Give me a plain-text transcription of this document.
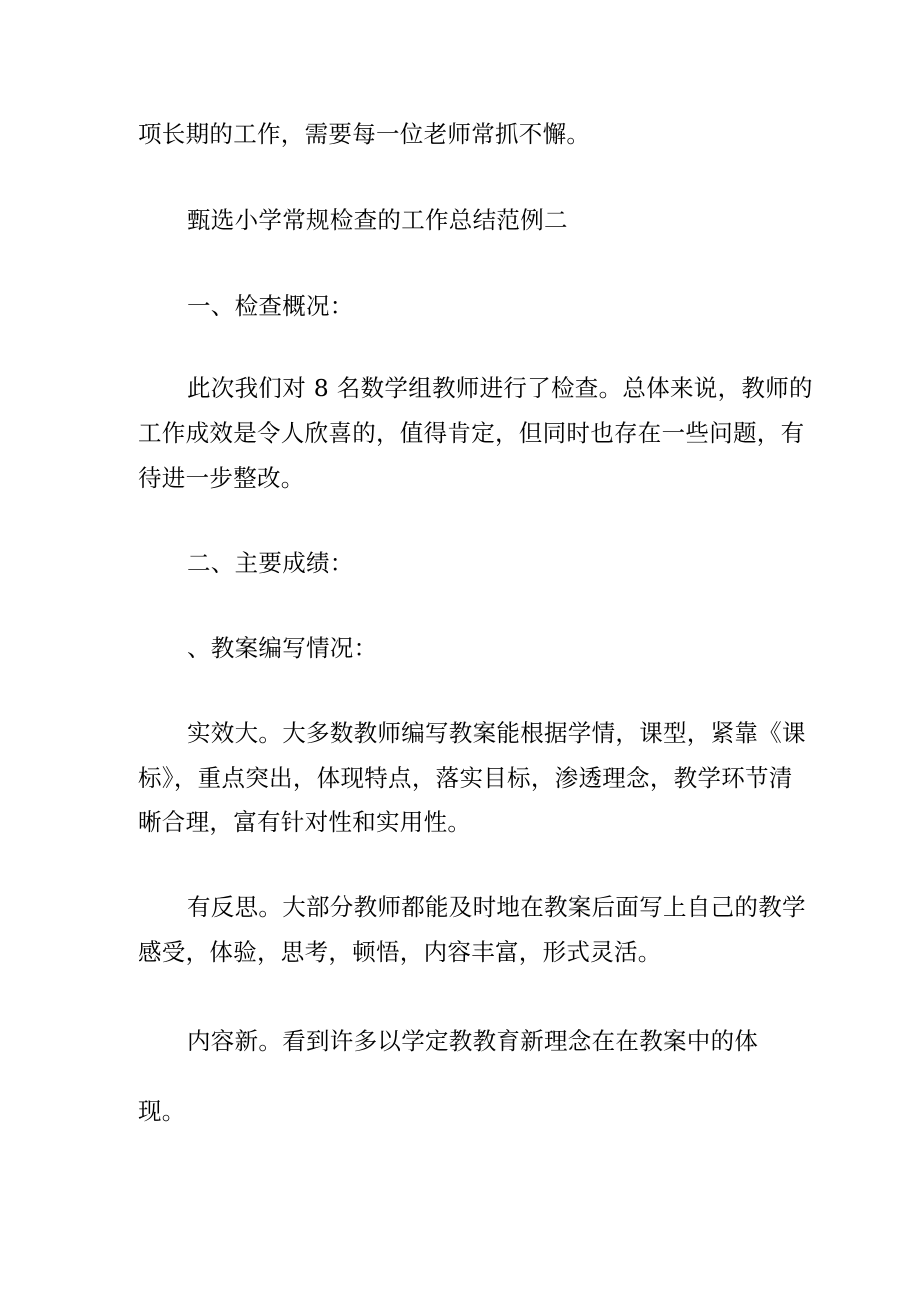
项长期的工作，需要每一位老师常抓不懈。
甄选小学常规检查的工作总结范例二
一、检查概况：
此次我们对 8 名数学组教师进行了检查。总体来说，教师的
工作成效是令人欣喜的，值得肯定，但同时也存在一些问题，有
待进一步整改。
二、主要成绩：
、教案编写情况：
实效大。大多数教师编写教案能根据学情，课型，紧靠《课
标》，重点突出，体现特点，落实目标，渗透理念，教学环节清
晰合理，富有针对性和实用性。
有反思。大部分教师都能及时地在教案后面写上自己的教学
感受，体验，思考，顿悟，内容丰富，形式灵活。
内容新。看到许多以学定教教育新理念在在教案中的体
现。
